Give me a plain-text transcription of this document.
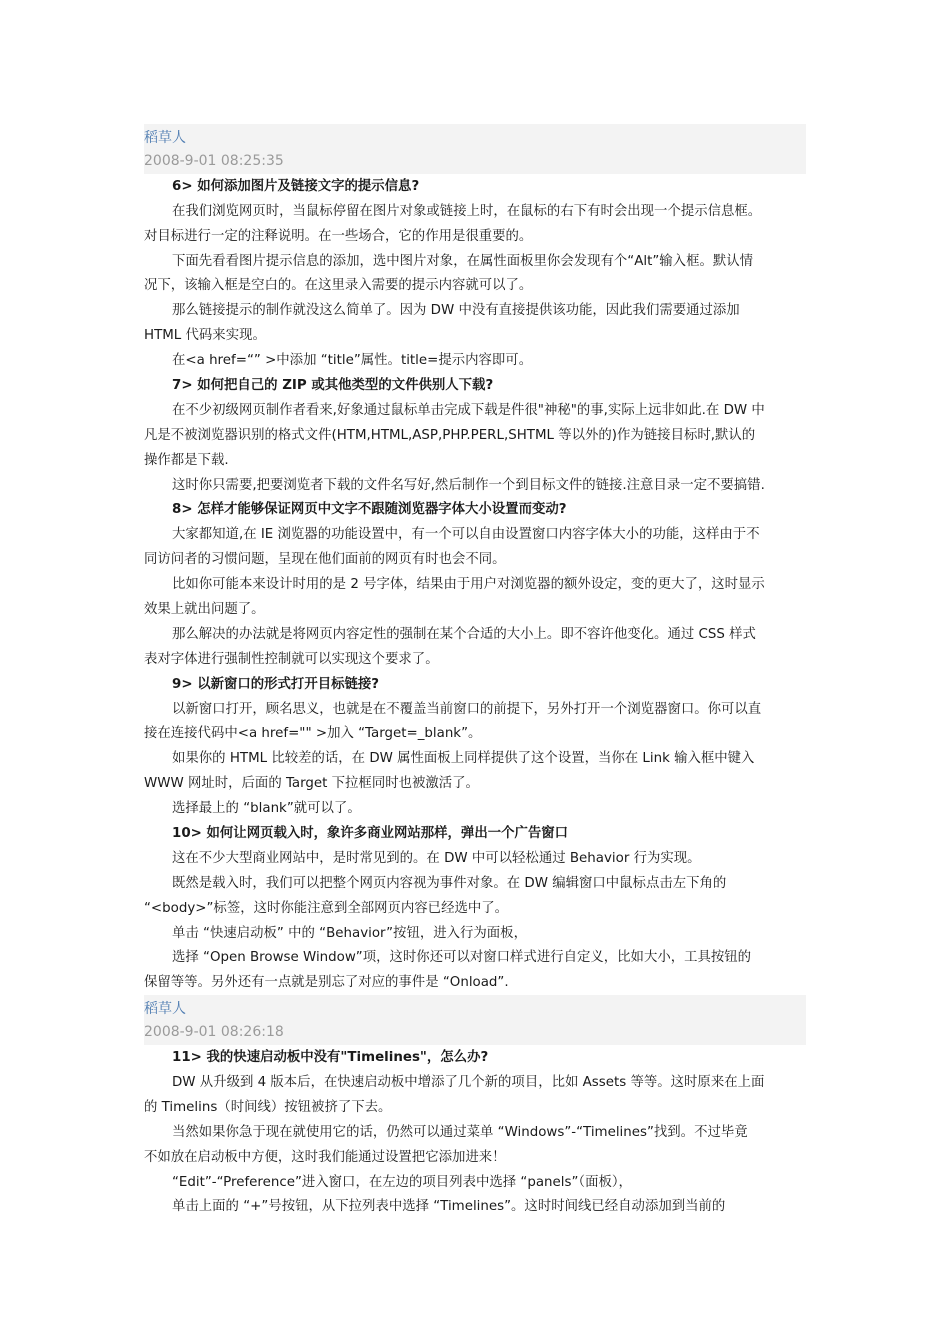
稻草人
2008-9-01 08:25:35
6> 如何添加图片及链接文字的提示信息?
在我们浏览网页时，当鼠标停留在图片对象或链接上时，在鼠标的右下有时会出现一个提示信息框。
对目标进行一定的注释说明。在一些场合，它的作用是很重要的。
下面先看看图片提示信息的添加，选中图片对象，在属性面板里你会发现有个“Alt”输入框。默认情
况下，该输入框是空白的。在这里录入需要的提示内容就可以了。
那么链接提示的制作就没这么简单了。因为 DW 中没有直接提供该功能，因此我们需要通过添加
HTML 代码来实现。
在<a href=“” >中添加 “title”属性。title=提示内容即可。
7> 如何把自己的 ZIP 或其他类型的文件供别人下载?
在不少初级网页制作者看来,好象通过鼠标单击完成下载是件很"神秘"的事,实际上远非如此.在 DW 中
凡是不被浏览器识别的格式文件(HTM,HTML,ASP,PHP.PERL,SHTML 等以外的)作为链接目标时,默认的
操作都是下载.
这时你只需要,把要浏览者下载的文件名写好,然后制作一个到目标文件的链接.注意目录一定不要搞错.
8> 怎样才能够保证网页中文字不跟随浏览器字体大小设置而变动?
大家都知道,在 IE 浏览器的功能设置中，有一个可以自由设置窗口内容字体大小的功能，这样由于不
同访问者的习惯问题，呈现在他们面前的网页有时也会不同。
比如你可能本来设计时用的是 2 号字体，结果由于用户对浏览器的额外设定，变的更大了，这时显示
效果上就出问题了。
那么解决的办法就是将网页内容定性的强制在某个合适的大小上。即不容许他变化。通过 CSS 样式
表对字体进行强制性控制就可以实现这个要求了。
9> 以新窗口的形式打开目标链接?
以新窗口打开，顾名思义，也就是在不覆盖当前窗口的前提下，另外打开一个浏览器窗口。你可以直
接在连接代码中<a href="" >加入 “Target=_blank”。
如果你的 HTML 比较差的话，在 DW 属性面板上同样提供了这个设置，当你在 Link 输入框中键入
WWW 网址时，后面的 Target 下拉框同时也被激活了。
选择最上的 “blank”就可以了。
10> 如何让网页载入时，象许多商业网站那样，弹出一个广告窗口
这在不少大型商业网站中，是时常见到的。在 DW 中可以轻松通过 Behavior 行为实现。
既然是载入时，我们可以把整个网页内容视为事件对象。在 DW 编辑窗口中鼠标点击左下角的
“<body>”标签，这时你能注意到全部网页内容已经选中了。
单击 “快速启动板” 中的 “Behavior”按钮，进入行为面板，
选择 “Open Browse Window”项，这时你还可以对窗口样式进行自定义，比如大小，工具按钮的
保留等等。另外还有一点就是别忘了对应的事件是 “Onload”.
稻草人
2008-9-01 08:26:18
11> 我的快速启动板中没有"Timelines"，怎么办?
DW 从升级到 4 版本后，在快速启动板中增添了几个新的项目，比如 Assets 等等。这时原来在上面
的 Timelins（时间线）按钮被挤了下去。
当然如果你急于现在就使用它的话，仍然可以通过菜单 “Windows”-“Timelines”找到。不过毕竟
不如放在启动板中方便，这时我们能通过设置把它添加进来！
“Edit”-“Preference”进入窗口，在左边的项目列表中选择 “panels”（面板），
单击上面的 “+”号按钮，从下拉列表中选择 “Timelines”。这时时间线已经自动添加到当前的
